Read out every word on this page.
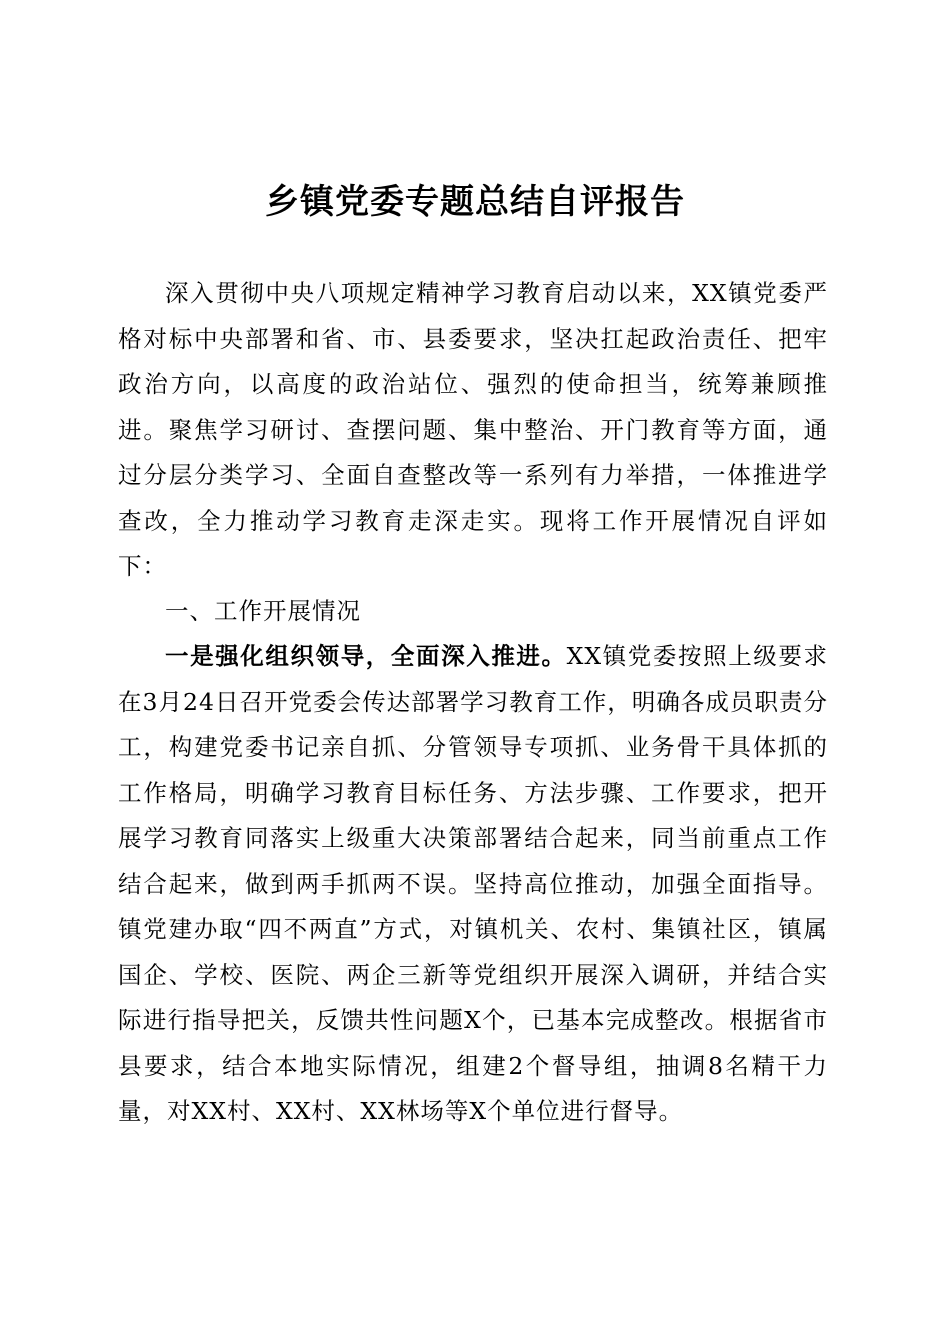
乡镇党委专题总结自评报告

深入贯彻中央八项规定精神学习教育启动以来，XX镇党委严格对标中央部署和省、市、县委要求，坚决扛起政治责任、把牢政治方向，以高度的政治站位、强烈的使命担当，统筹兼顾推进。聚焦学习研讨、查摆问题、集中整治、开门教育等方面，通过分层分类学习、全面自查整改等一系列有力举措，一体推进学查改，全力推动学习教育走深走实。现将工作开展情况自评如下：

一、工作开展情况

一是强化组织领导，全面深入推进。XX镇党委按照上级要求在3月24日召开党委会传达部署学习教育工作，明确各成员职责分工，构建党委书记亲自抓、分管领导专项抓、业务骨干具体抓的工作格局，明确学习教育目标任务、方法步骤、工作要求，把开展学习教育同落实上级重大决策部署结合起来，同当前重点工作结合起来，做到两手抓两不误。坚持高位推动，加强全面指导。镇党建办取“四不两直”方式，对镇机关、农村、集镇社区，镇属国企、学校、医院、两企三新等党组织开展深入调研，并结合实际进行指导把关，反馈共性问题X个，已基本完成整改。根据省市县要求，结合本地实际情况，组建2个督导组，抽调8名精干力量，对XX村、XX村、XX林场等X个单位进行督导。
